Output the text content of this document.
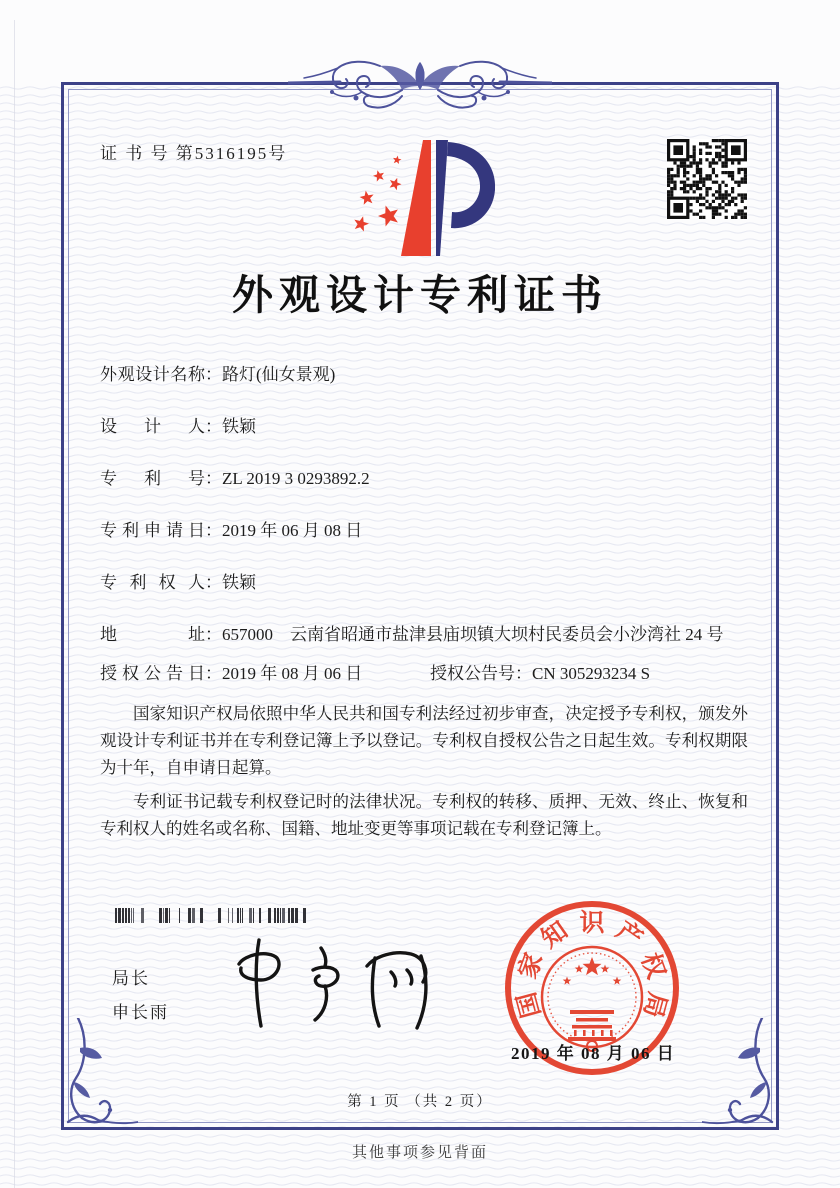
证 书 号 第5316195号
外观设计专利证书
外观设计名称 ： 路灯(仙女景观)
设计人 ： 铁颖
专利号 ： ZL 2019 3 0293892.2
专利申请日 ： 2019 年 06 月 08 日
专利权人 ： 铁颖
地址 ： 657000　云南省昭通市盐津县庙坝镇大坝村民委员会小沙湾社 24 号
授权公告日 ： 2019 年 08 月 06 日	授权公告号 ： CN 305293234 S

国家知识产权局依照中华人民共和国专利法经过初步审查，决定授予专利权，颁发外观设计专利证书并在专利登记簿上予以登记。专利权自授权公告之日起生效。专利权期限为十年，自申请日起算。

专利证书记载专利权登记时的法律状况。专利权的转移、质押、无效、终止、恢复和专利权人的姓名或名称、国籍、地址变更等事项记载在专利登记簿上。

局长
申长雨	国
家
知 识 产
权
局
2019 年 08 月 06 日
第 1 页 （共 2 页）
其他事项参见背面
